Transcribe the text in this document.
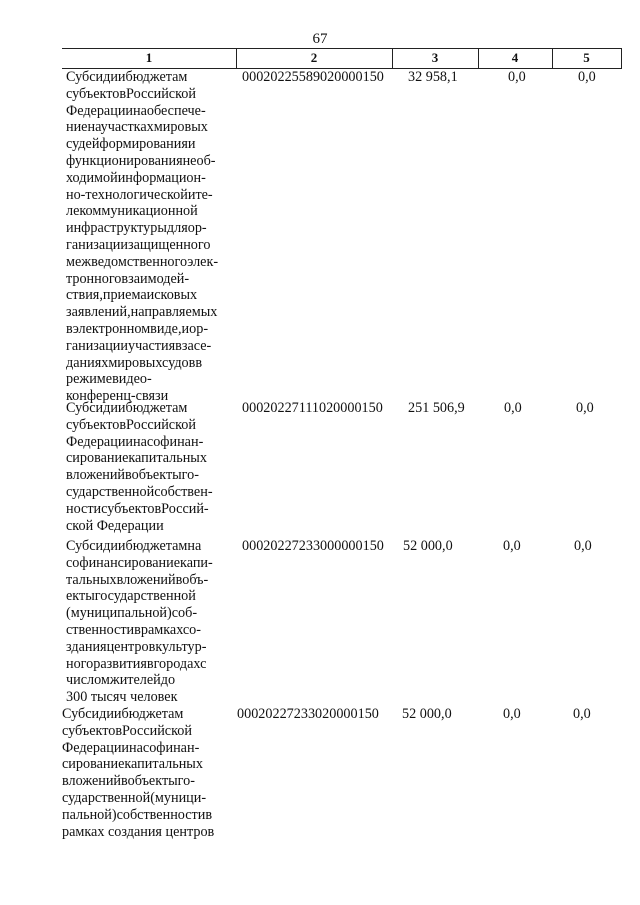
67
1	2	3	4	5
Субсидиибюджетам
субъектовРоссийской
Федерациинаобеспече-
ниенаучасткахмировых
судейформированияи
функционированиянеоб-
ходимойинформацион-
но-технологическойите-
лекоммуникационной
инфраструктурыдляор-
ганизациизащищенного
межведомственногоэлек-
тронноговзаимодей-
ствия,приемаисковых
заявлений,направляемых
вэлектронномвиде,иор-
ганизацииучастиявзасе-
данияхмировыхсудовв
режимевидео-
конференц-связи
00020225589020000150 32 958,1	0,0	0,0
Субсидиибюджетам
субъектовРоссийской
Федерациинасофинан-
сированиекапитальных
вложенийвобъектыго-
сударственнойсобствен-
ностисубъектовРоссий-
ской Федерации
00020227111020000150 251 506,9	0,0	0,0
Субсидиибюджетамна
софинансированиекапи-
тальныхвложенийвобъ-
ектыгосударственной
(муниципальной)соб-
ственностиврамкахсо-
зданияцентровкультур-
ногоразвитиявгородахс
числомжителейдо
300 тысяч человек
00020227233000000150 52 000,0	0,0	0,0
Субсидиибюджетам
субъектовРоссийской
Федерациинасофинан-
сированиекапитальных
вложенийвобъектыго-
сударственной(муници-
пальной)собственностив
рамках создания центров
00020227233020000150 52 000,0	0,0	0,0
